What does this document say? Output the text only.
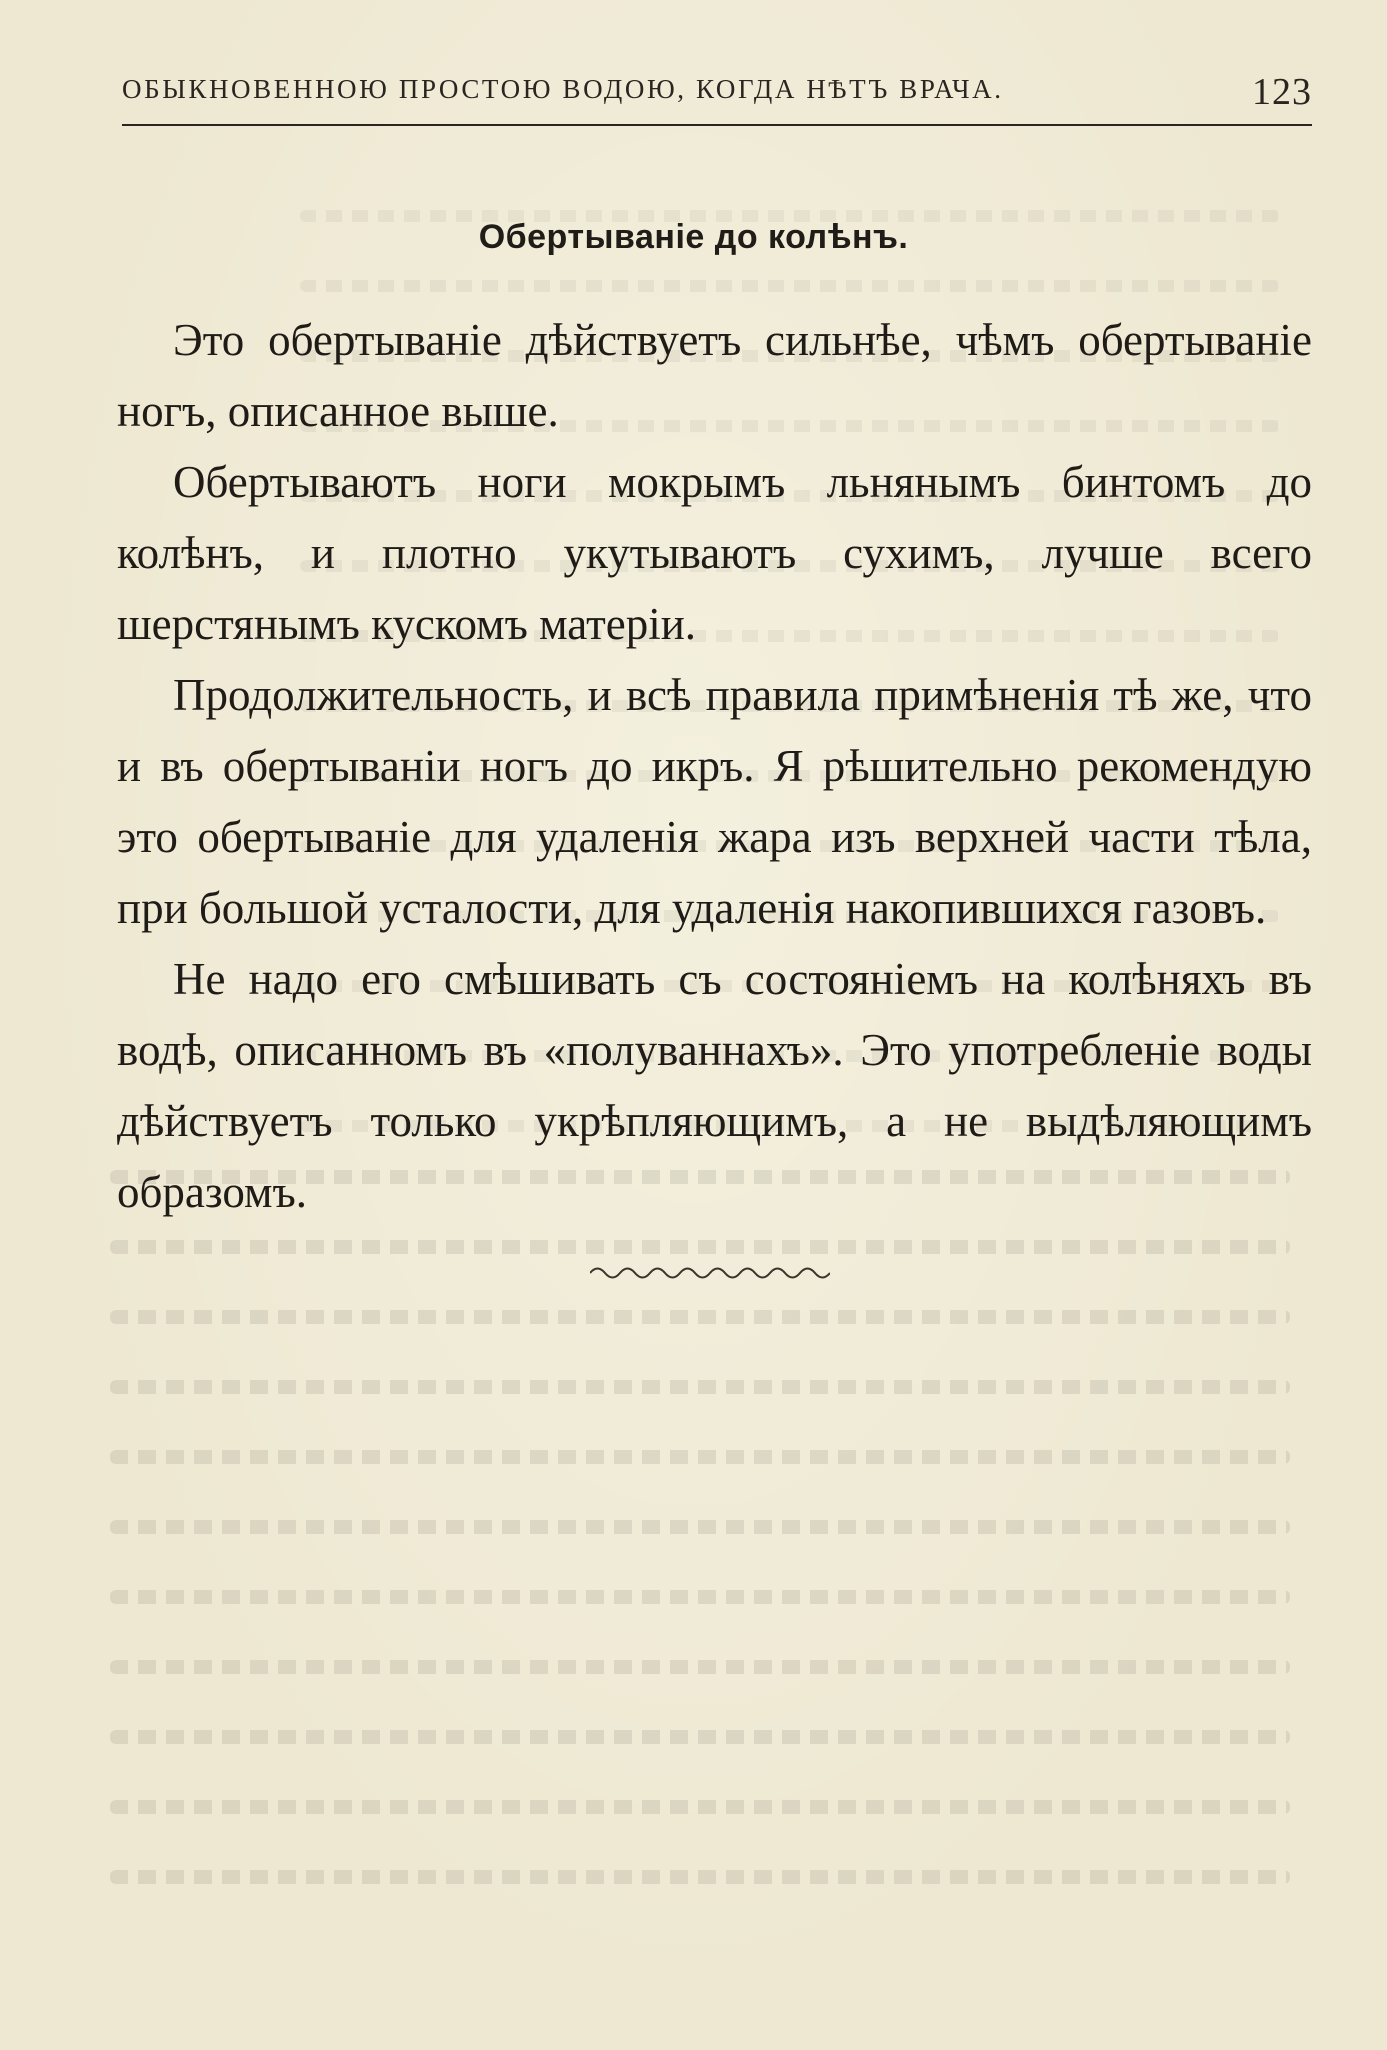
ОБЫКНОВЕННОЮ ПРОСТОЮ ВОДОЮ, КОГДА НѢТЪ ВРАЧА.	123
Обертываніе до колѣнъ.

Это обертываніе дѣйствуетъ сильнѣе, чѣмъ обертываніе ногъ, описанное выше.

Обертываютъ ноги мокрымъ льнянымъ бинтомъ до колѣнъ, и плотно укутываютъ сухимъ, лучше всего шерстянымъ кускомъ матеріи.

Продолжительность, и всѣ правила примѣненія тѣ же, что и въ обертываніи ногъ до икръ. Я рѣшительно рекомендую это обертываніе для удаленія жара изъ верхней части тѣла, при большой усталости, для удаленія накопившихся газовъ.

Не надо его смѣшивать съ состояніемъ на колѣняхъ въ водѣ, описанномъ въ «полуваннахъ». Это употребленіе воды дѣйствуетъ только укрѣпляющимъ, а не выдѣляющимъ образомъ.
